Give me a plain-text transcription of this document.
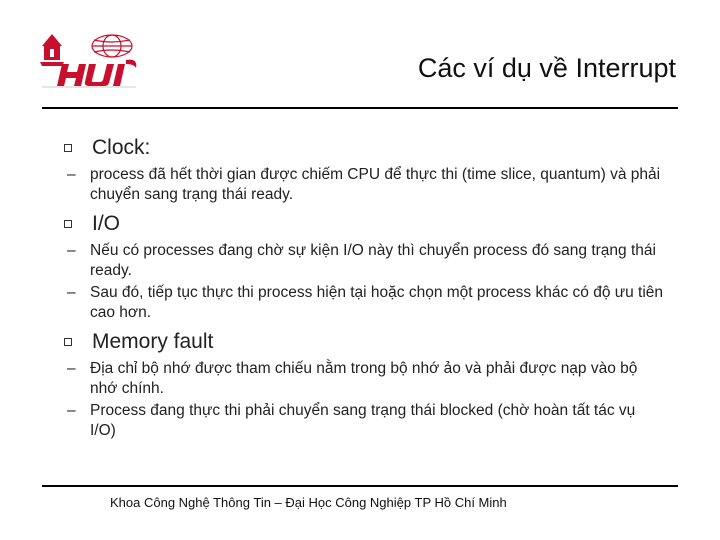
Các ví dụ về Interrupt
Clock:
– process đã hết thời gian được chiếm CPU để thực thi (time slice, quantum) và phải chuyển sang trạng thái ready.
I/O
– Nếu có processes đang chờ sự kiện I/O này thì chuyển process đó sang trạng thái ready.
– Sau đó, tiếp tục thực thi process hiện tại hoặc chọn một process khác có độ ưu tiên cao hơn.
Memory fault
– Địa chỉ bộ nhớ được tham chiếu nằm trong bộ nhớ ảo và phải được nạp vào bộ nhớ chính.
– Process đang thực thi phải chuyển sang trạng thái blocked (chờ hoàn tất tác vụ I/O)
Khoa Công Nghệ Thông Tin – Đại Học Công Nghiệp TP Hồ Chí Minh
